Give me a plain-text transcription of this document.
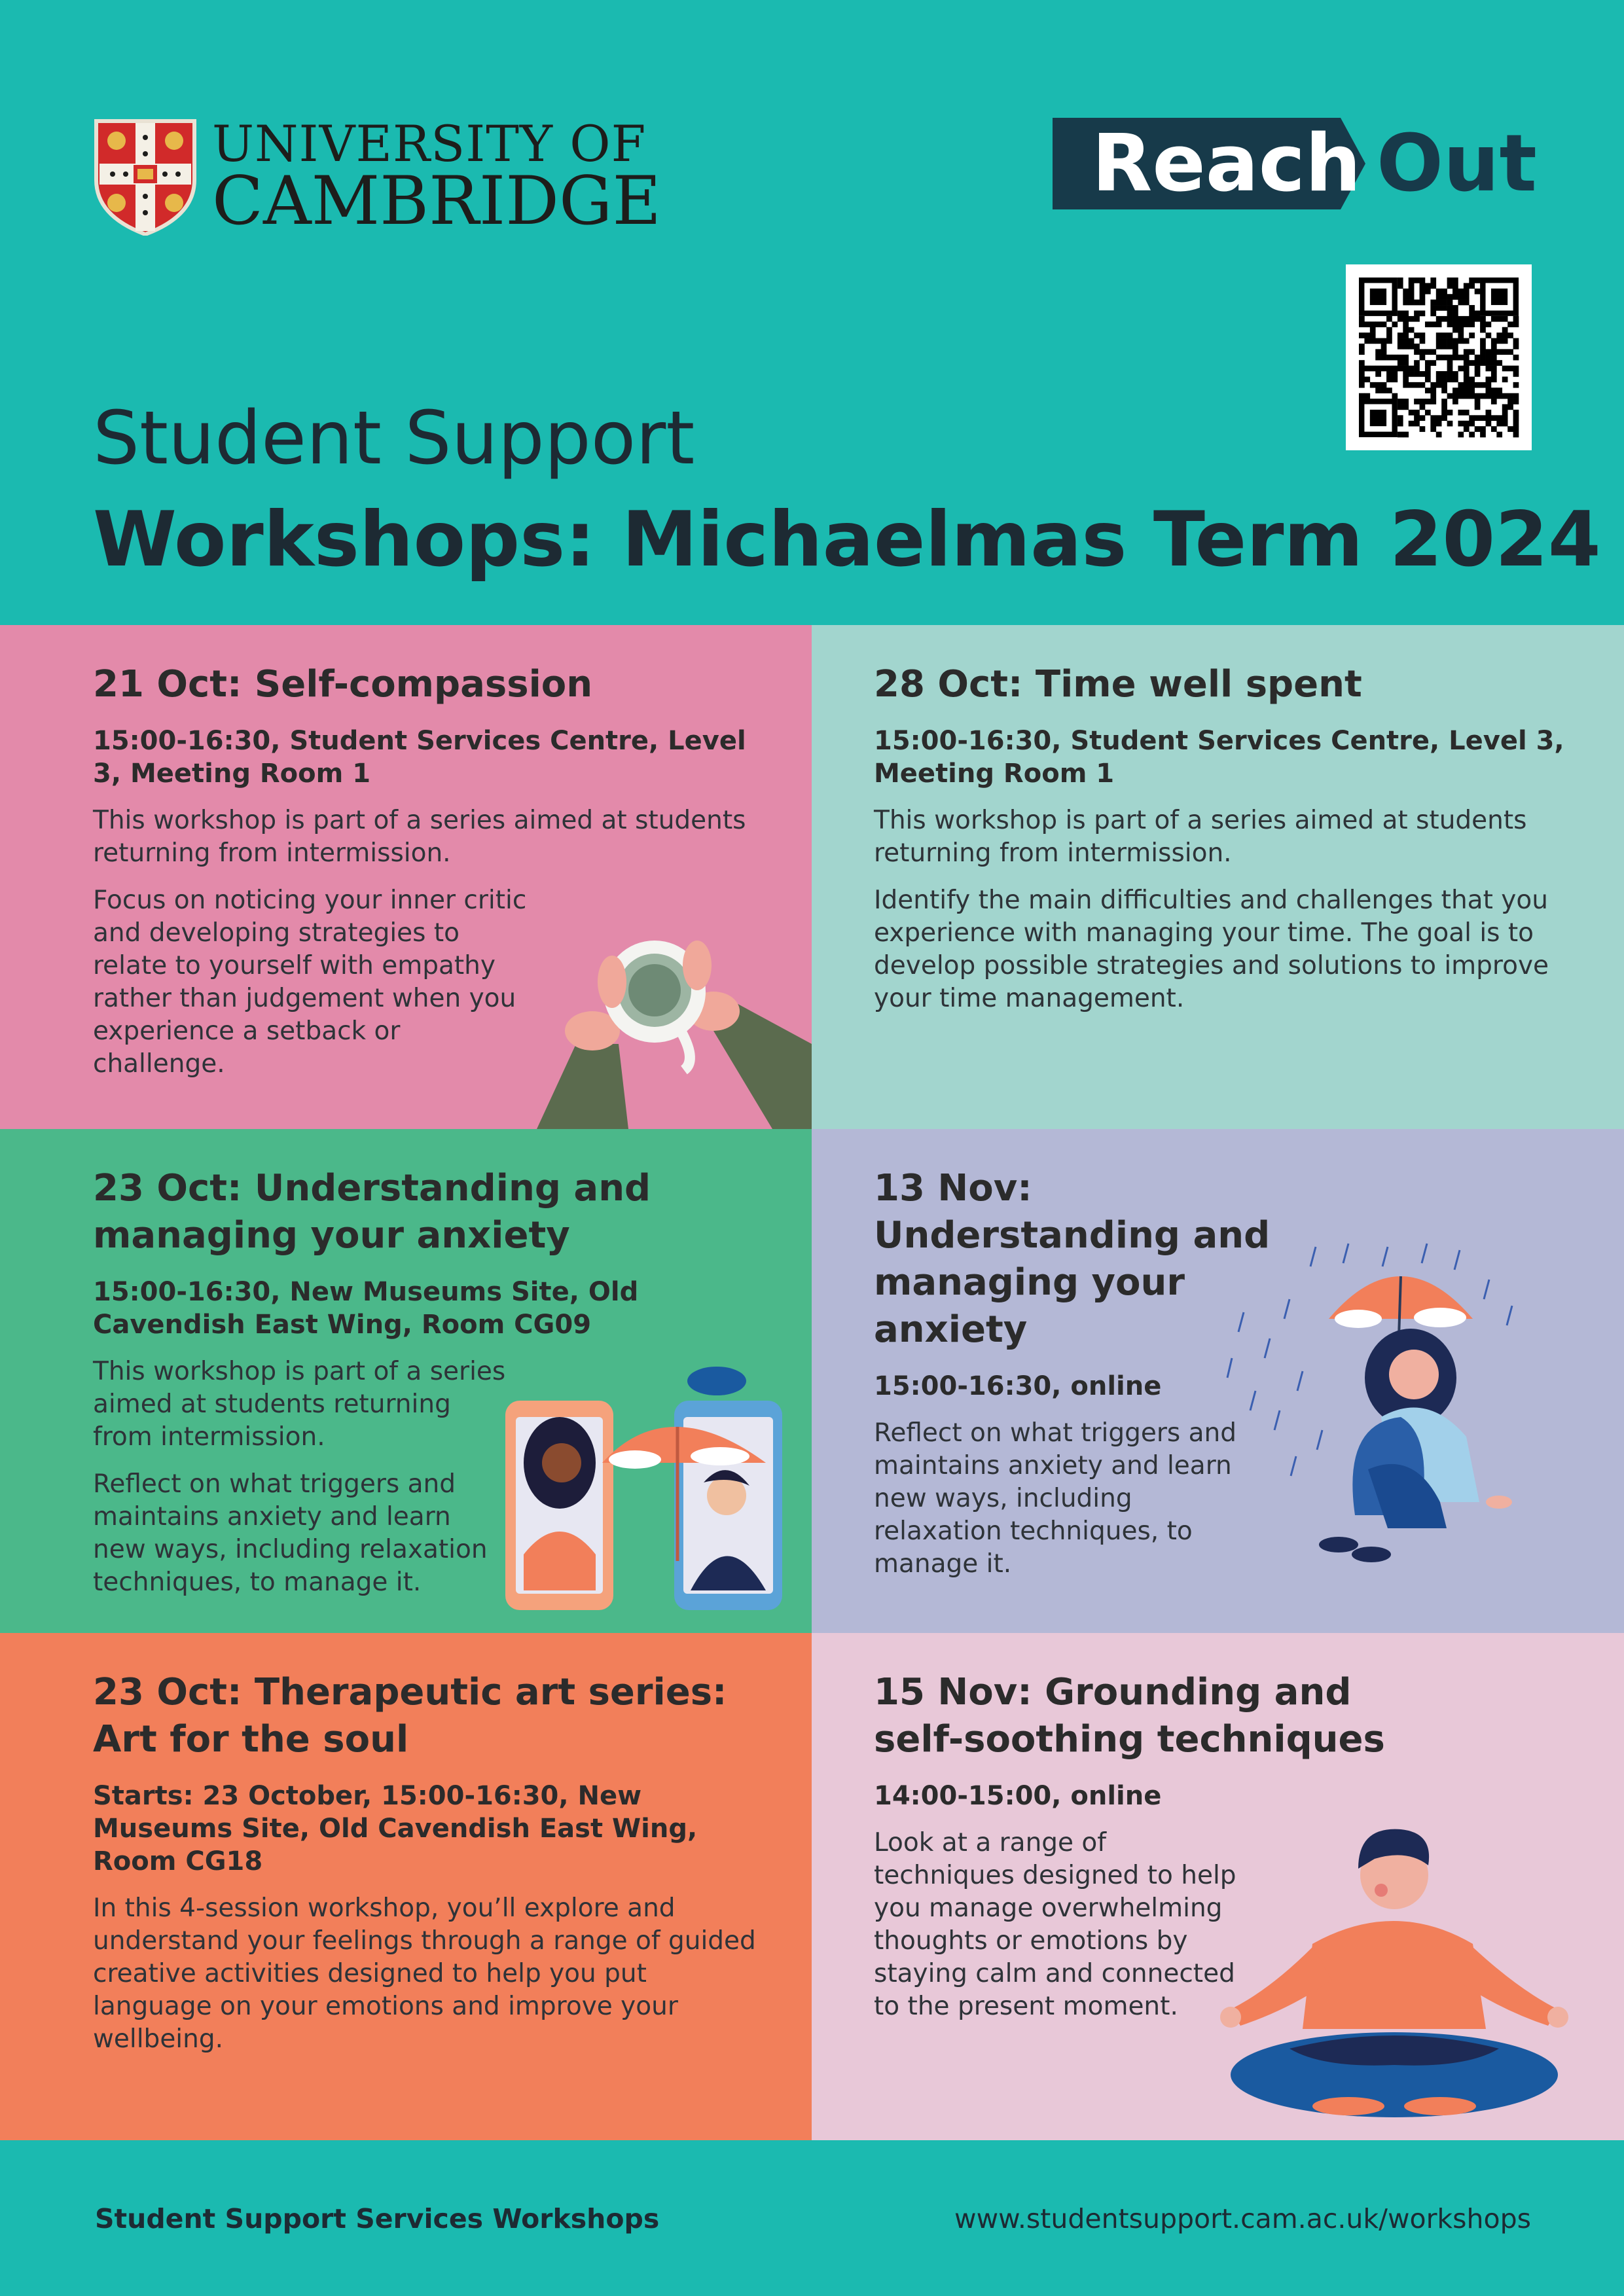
UNIVERSITY OF
CAMBRIDGE	Reach Out
Student Support
Workshops: Michaelmas Term 2024
21 Oct: Self-compassion

15:00-16:30, Student Services Centre, Level 3, Meeting Room 1

This workshop is part of a series aimed at students returning from intermission.

Focus on noticing your inner critic and developing strategies to relate to yourself with empathy rather than judgement when you experience a setback or challenge.

28 Oct: Time well spent

15:00-16:30, Student Services Centre, Level 3, Meeting Room 1

This workshop is part of a series aimed at students returning from intermission.

Identify the main difficulties and challenges that you experience with managing your time. The goal is to develop possible strategies and solutions to improve your time management.

23 Oct: Understanding and managing your anxiety

15:00-16:30, New Museums Site, Old Cavendish East Wing, Room CG09

This workshop is part of a series aimed at students returning from intermission.

Reflect on what triggers and maintains anxiety and learn new ways, including relaxation techniques, to manage it.

13 Nov: Understanding and managing your anxiety

15:00-16:30, online

Reflect on what triggers and maintains anxiety and learn new ways, including relaxation techniques, to manage it.

23 Oct: Therapeutic art series: Art for the soul

Starts: 23 October, 15:00-16:30, New Museums Site, Old Cavendish East Wing, Room CG18

In this 4-session workshop, you’ll explore and understand your feelings through a range of guided creative activities designed to help you put language on your emotions and improve your wellbeing.

15 Nov: Grounding and self-soothing techniques

14:00-15:00, online

Look at a range of techniques designed to help you manage overwhelming thoughts or emotions by staying calm and connected to the present moment.

Student Support Services Workshops	www.studentsupport.cam.ac.uk/workshops
